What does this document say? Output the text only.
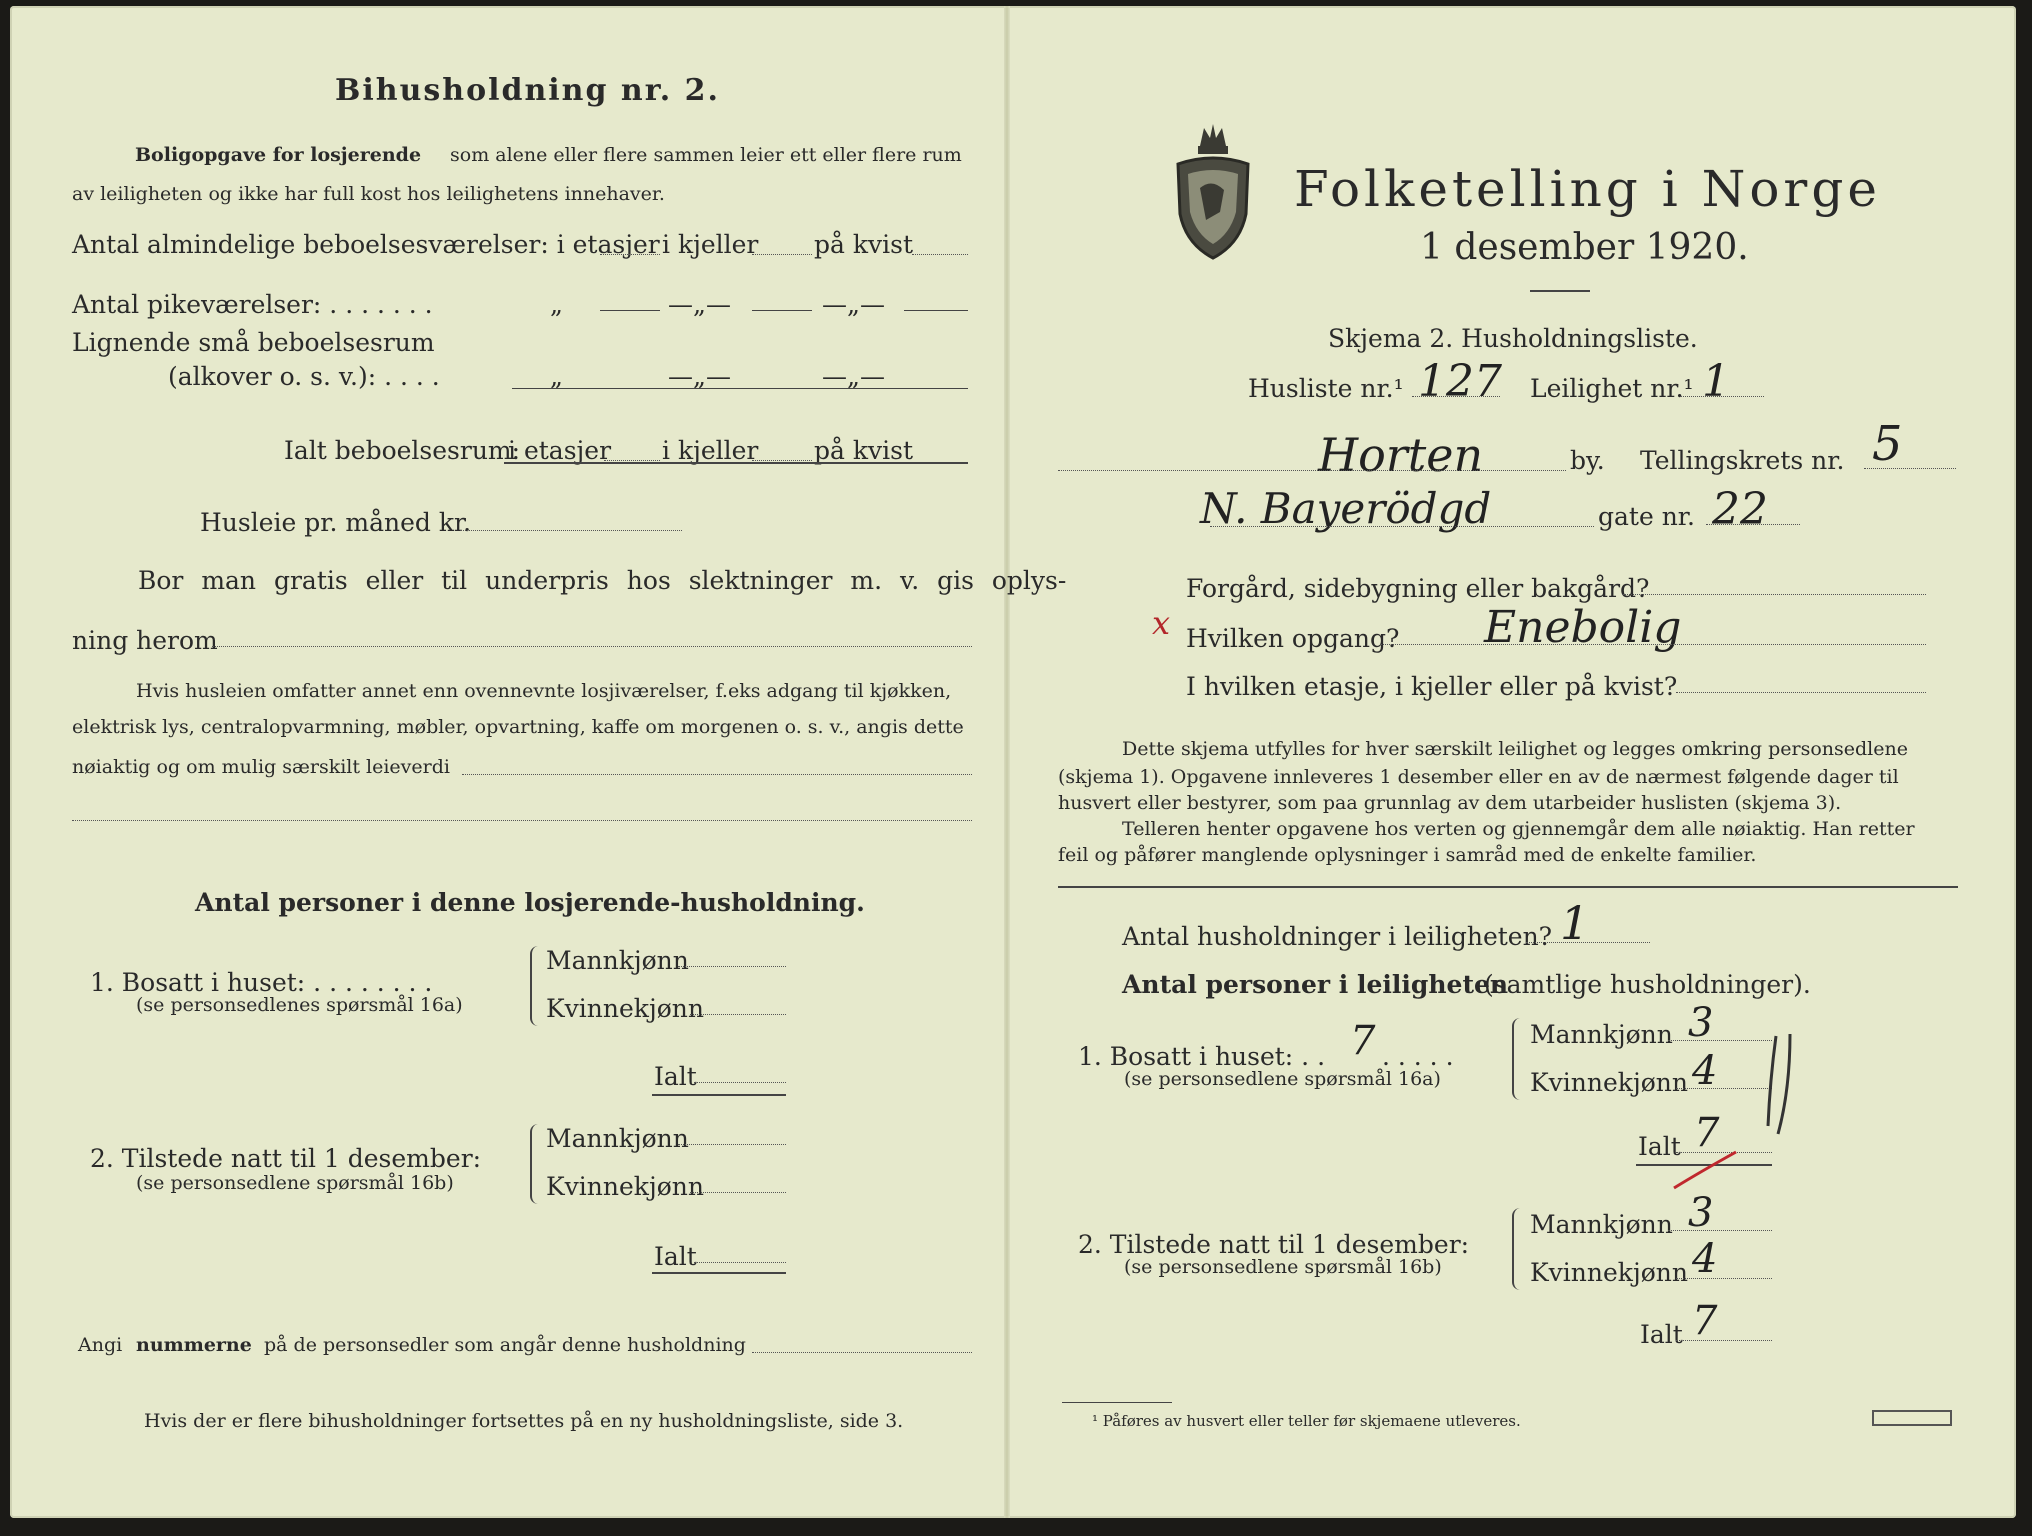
Bihusholdning nr. 2.
Boligopgave for losjerende som alene eller flere sammen leier ett eller flere rum
av leiligheten og ikke har full kost hos leilighetens innehaver.
Antal almindelige beboelsesværelser: i etasjer i kjeller på kvist
Antal pikeværelser: . . . . . . .	„	—„—	—„—
Lignende små beboelsesrum
(alkover o. s. v.): . . . .	„	—„—	—„—
Ialt beboelsesrum:
i etasjer i kjeller på kvist
Husleie pr. måned kr.
Bor man gratis eller til underpris hos slektninger m. v. gis oplys-
ning herom
Hvis husleien omfatter annet enn ovennevnte losjiværelser, f.eks adgang til kjøkken,
elektrisk lys, centralopvarmning, møbler, opvartning, kaffe om morgenen o. s. v., angis dette
nøiaktig og om mulig særskilt leieverdi
Antal personer i denne losjerende-husholdning.
1. Bosatt i huset: . . . . . . . .
(se personsedlenes spørsmål 16a)
Mannkjønn
Kvinnekjønn
Ialt
2. Tilstede natt til 1 desember:
(se personsedlene spørsmål 16b)
Mannkjønn
Kvinnekjønn
Ialt
Angi nummerne på de personsedler som angår denne husholdning
Hvis der er flere bihusholdninger fortsettes på en ny husholdningsliste, side 3.
Folketelling i Norge
1 desember 1920.
Skjema 2. Husholdningsliste.
Husliste nr.¹ 127 Leilighet nr.¹ 1
Horten	by. Tellingskrets nr. 5
N. Bayerödgd	gate nr. 22
Forgård, sidebygning eller bakgård?
x Hvilken opgang? Enebolig
I hvilken etasje, i kjeller eller på kvist?
Dette skjema utfylles for hver særskilt leilighet og legges omkring personsedlene
(skjema 1). Opgavene innleveres 1 desember eller en av de nærmest følgende dager til
husvert eller bestyrer, som paa grunnlag av dem utarbeider huslisten (skjema 3).
Telleren henter opgavene hos verten og gjennemgår dem alle nøiaktig. Han retter
feil og påfører manglende oplysninger i samråd med de enkelte familier.
Antal husholdninger i leiligheten? 1
Antal personer i leiligheten
(samtlige husholdninger).
1. Bosatt i huset: . . 7 . . . . .
(se personsedlene spørsmål 16a)
Mannkjønn 3
Kvinnekjønn 4
Ialt 7
2. Tilstede natt til 1 desember:
(se personsedlene spørsmål 16b)
Mannkjønn 3
Kvinnekjønn 4
Ialt 7
¹ Påføres av husvert eller teller før skjemaene utleveres.
